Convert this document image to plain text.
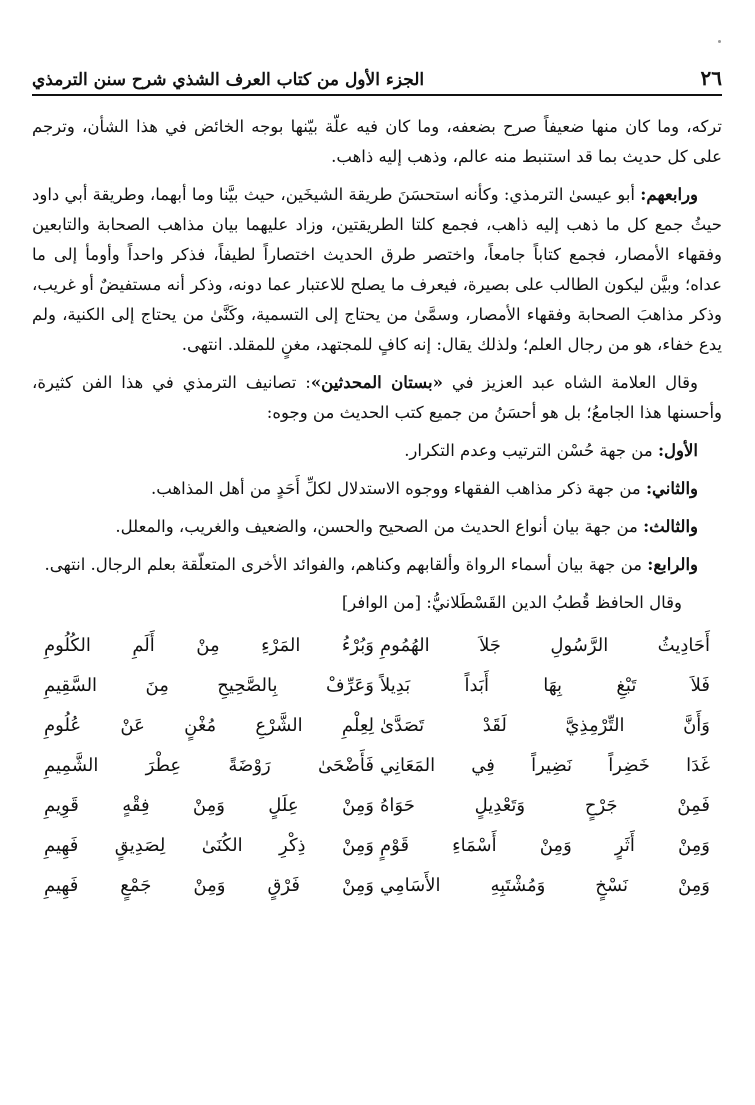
٢٦
الجزء الأول من كتاب العرف الشذي شرح سنن الترمذي

تركه، وما كان منها ضعيفاً صرح بضعفه، وما كان فيه علّة بيّنها بوجه الخائض في هذا الشأن، وترجم على كل حديث بما قد استنبط منه عالم، وذهب إليه ذاهب.

ورابعهم: أبو عيسىٰ الترمذي: وكأنه استحسَنَ طريقة الشيخَين، حيث بيَّنا وما أبهما، وطريقة أبي داود حيثُ جمع كل ما ذهب إليه ذاهب، فجمع كلتا الطريقتين، وزاد عليهما بيان مذاهب الصحابة والتابعين وفقهاء الأمصار، فجمع كتاباً جامعاً، واختصر طرق الحديث اختصاراً لطيفاً، فذكر واحداً وأومأ إلى ما عداه؛ وبيَّن ليكون الطالب على بصيرة، فيعرف ما يصلح للاعتبار عما دونه، وذكر أنه مستفيضٌ أو غريب، وذكر مذاهبَ الصحابة وفقهاء الأمصار، وسمَّىٰ من يحتاج إلى التسمية، وكَنَّىٰ من يحتاج إلى الكنية، ولم يدع خفاء، هو من رجال العلم؛ ولذلك يقال: إنه كافٍ للمجتهد، مغنٍ للمقلد. انتهى.

وقال العلامة الشاه عبد العزيز في «بستان المحدثين»: تصانيف الترمذي في هذا الفن كثيرة، وأحسنها هذا الجامعُ؛ بل هو أحسَنُ من جميع كتب الحديث من وجوه:

الأول: من جهة حُسْن الترتيب وعدم التكرار.

والثاني: من جهة ذكر مذاهب الفقهاء ووجوه الاستدلال لكلِّ أَحَدٍ من أهل المذاهب.

والثالث: من جهة بيان أنواع الحديث من الصحيح والحسن، والضعيف والغريب، والمعلل.

والرابع: من جهة بيان أسماء الرواة وألقابهم وكناهم، والفوائد الأخرى المتعلّقة بعلم الرجال. انتهى.

وقال الحافظ قُطبُ الدين القَسْطَلانيُّ: [من الوافر]

أَحَادِيثُ الرَّسُولِ جَلاَ الهُمُومِ
وَبُرْءُ المَرْءِ مِنْ أَلَمِ الكُلُومِ
فَلاَ تَبْغِ بِهَا أَبَداً بَدِيلاً
وَعَرِّفْ بِالصَّحِيحِ مِنَ السَّقِيمِ
وَأَنَّ التِّرْمِذِيَّ لَقَدْ تَصَدَّىٰ
لِعِلْمِ الشَّرْعِ مُغْنٍ عَنْ عُلُومِ
غَدَا خَضِراً نَضِيراً فِي المَعَانِي
فَأَضْحَىٰ رَوْضَةً عِطْرَ الشَّمِيمِ
فَمِنْ جَرْحٍ وَتَعْدِيلٍ حَوَاهُ
وَمِنْ عِلَلٍ وَمِنْ فِقْهٍ قَوِيمِ
وَمِنْ أَثَرٍ وَمِنْ أَسْمَاءِ قَوْمٍ
وَمِنْ ذِكْرِ الكُنَىٰ لِصَدِيقٍ فَهِيمِ
وَمِنْ نَسْخٍ وَمُشْتَبِهِ الأَسَامِي
وَمِنْ فَرْقٍ وَمِنْ جَمْعٍ فَهِيمِ
